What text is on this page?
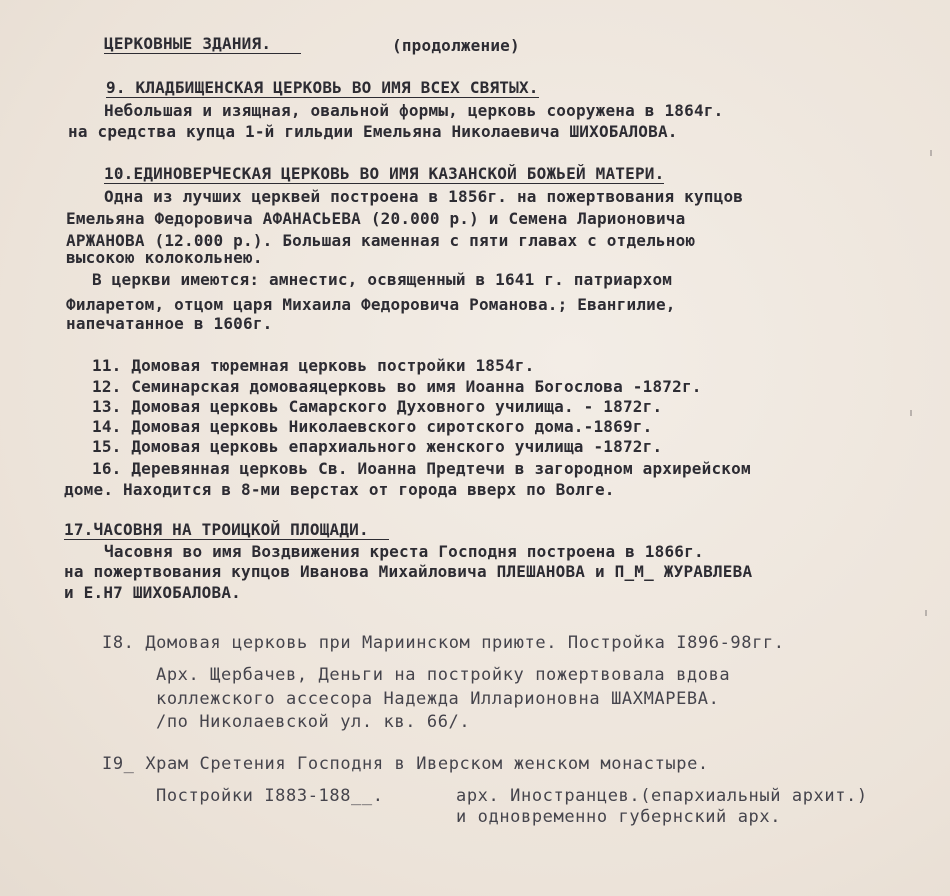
ЦЕРКОВНЫЕ ЗДАНИЯ.	(продолжение)
9. КЛАДБИЩЕНСКАЯ ЦЕРКОВЬ ВО ИМЯ ВСЕХ СВЯТЫХ.
Небольшая и изящная, овальной формы, церковь сооружена в 1864г.
на средства купца 1-й гильдии Емельяна Николаевича ШИХОБАЛОВА.
10.ЕДИНОВЕРЧЕСКАЯ ЦЕРКОВЬ ВО ИМЯ КАЗАНСКОЙ БОЖЬЕЙ МАТЕРИ.
Одна из лучших церквей построена в 1856г. на пожертвования купцов
Емельяна Федоровича АФАНАСЬЕВА (20.000 р.) и Семена Ларионовича
АРЖАНОВА (12.000 р.). Большая каменная с пяти главах с отдельною
высокою колокольнею.
В церкви имеются: амнестис, освященный в 1641 г. патриархом
Филаретом, отцом царя Михаила Федоровича Романова.; Евангилие,
напечатанное в 1606г.
11. Домовая тюремная церковь постройки 1854г.
12. Семинарская домоваяцерковь во имя Иоанна Богослова -1872г.
13. Домовая церковь Самарского Духовного училища. - 1872г.
14. Домовая церковь Николаевского сиротского дома.-1869г.
15. Домовая церковь епархиального женского училища -1872г.
16. Деревянная церковь Св. Иоанна Предтечи в загородном архирейском
доме. Находится в 8-ми верстах от города вверх по Волге.
17.ЧАСОВНЯ НА ТРОИЦКОЙ ПЛОЩАДИ.
Часовня во имя Воздвижения креста Господня построена в 1866г.
на пожертвования купцов Иванова Михайловича ПЛЕШАНОВА и П_М_ ЖУРАВЛЕВА
и Е.Н7 ШИХОБАЛОВА.
I8. Домовая церковь при Мариинском приюте. Постройка I896-98гг.
Арх. Щербачев, Деньги на постройку пожертвовала вдова
коллежского ассесора Надежда Илларионовна ШАХМАРЕВА.
/по Николаевской ул. кв. 66/.
I9_ Храм Сретения Господня в Иверском женском монастыре.
Постройки I883-188__.	арх. Иностранцев.(епархиальный архит.)
и одновременно губернский арх.
